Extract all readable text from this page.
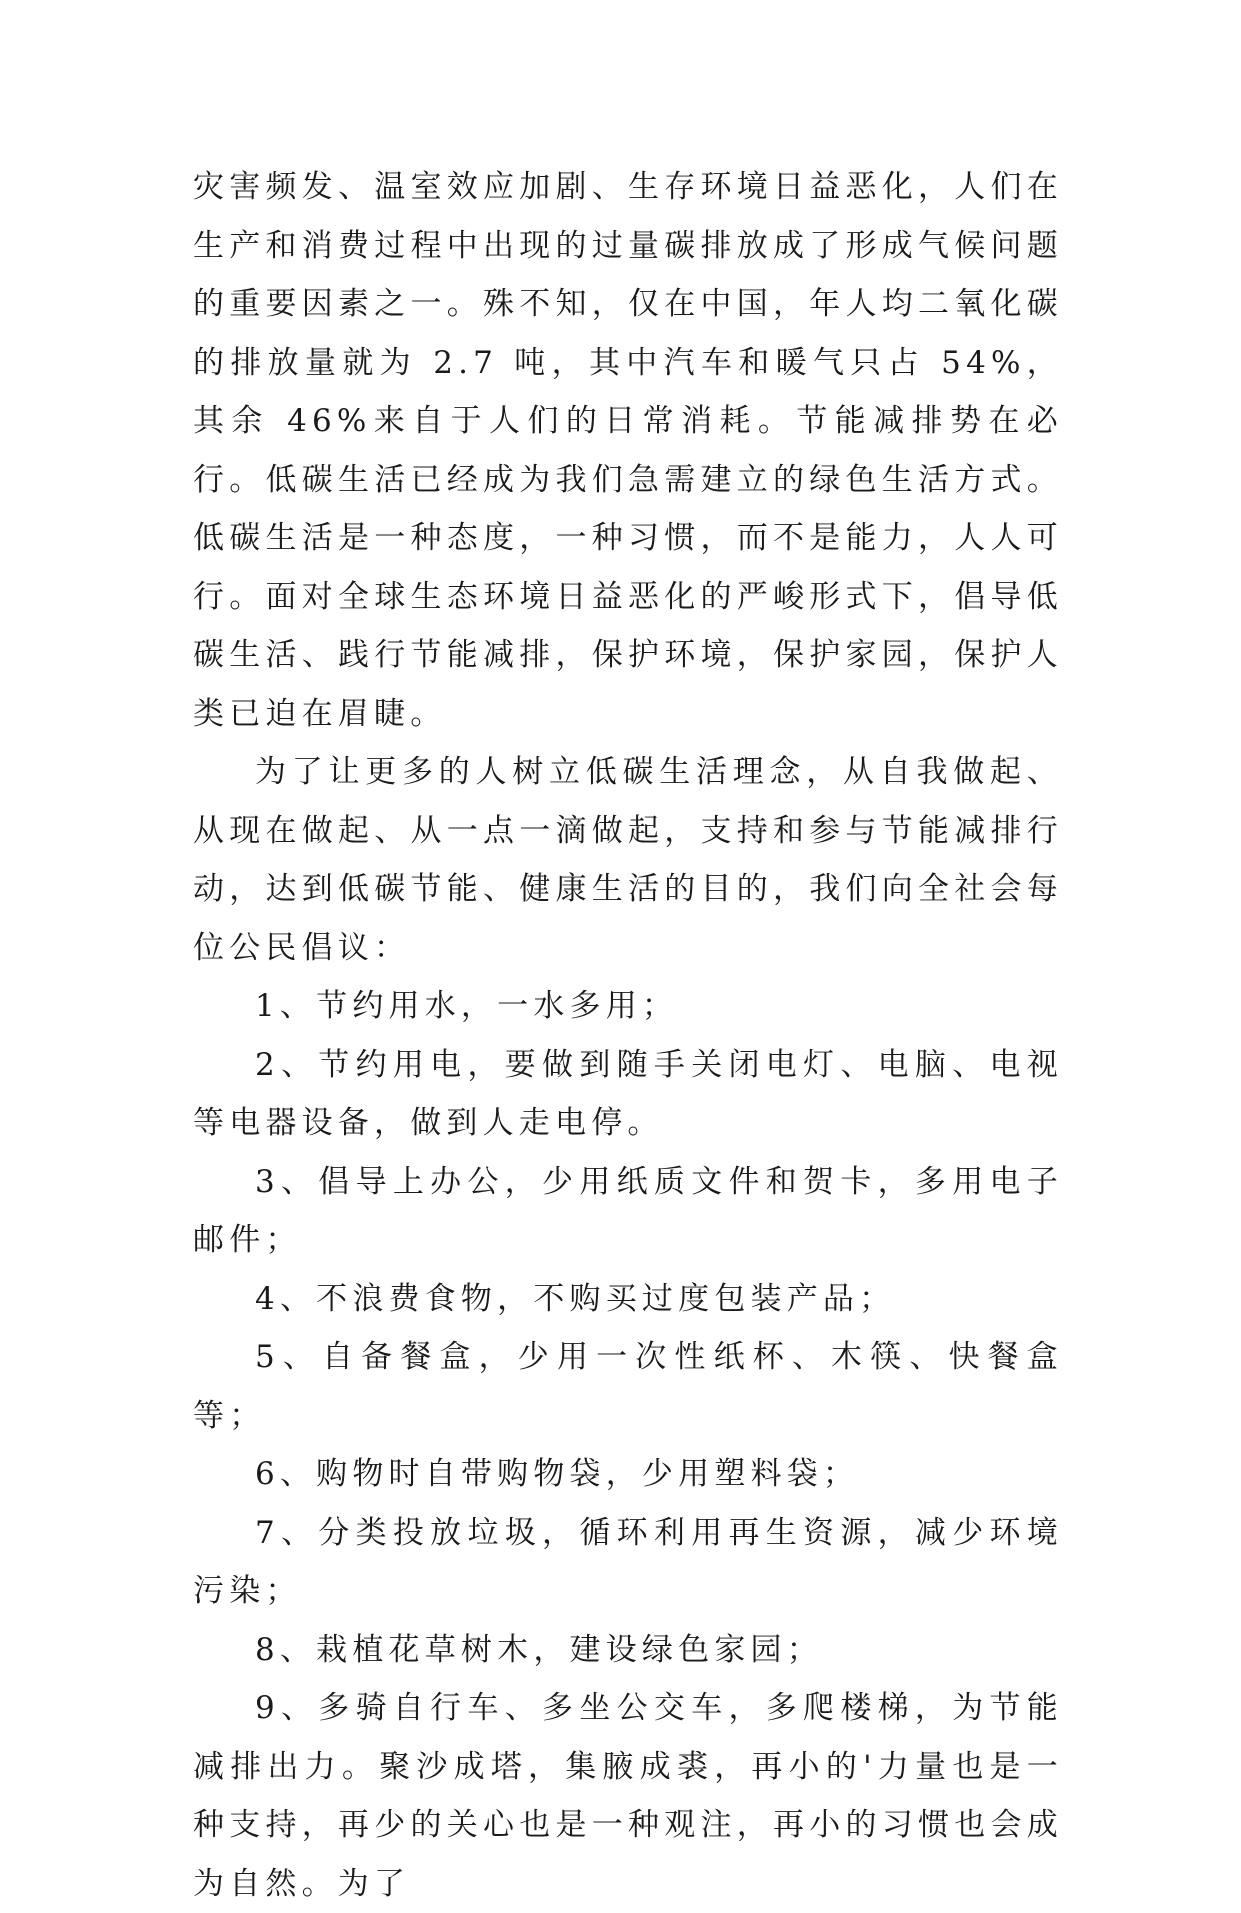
灾害频发、温室效应加剧、生存环境日益恶化，人们在生产和消费过程中出现的过量碳排放成了形成气候问题的重要因素之一。殊不知，仅在中国，年人均二氧化碳的排放量就为 2.7 吨，其中汽车和暖气只占 54%，其余 46%来自于人们的日常消耗。节能减排势在必行。低碳生活已经成为我们急需建立的绿色生活方式。低碳生活是一种态度，一种习惯，而不是能力，人人可行。面对全球生态环境日益恶化的严峻形式下，倡导低碳生活、践行节能减排，保护环境，保护家园，保护人类已迫在眉睫。

为了让更多的人树立低碳生活理念，从自我做起、从现在做起、从一点一滴做起，支持和参与节能减排行动，达到低碳节能、健康生活的目的，我们向全社会每位公民倡议：

1、节约用水，一水多用；

2、节约用电，要做到随手关闭电灯、电脑、电视等电器设备，做到人走电停。

3、倡导上办公，少用纸质文件和贺卡，多用电子邮件；

4、不浪费食物，不购买过度包装产品；

5、自备餐盒，少用一次性纸杯、木筷、快餐盒等；

6、购物时自带购物袋，少用塑料袋；

7、分类投放垃圾，循环利用再生资源，减少环境污染；

8、栽植花草树木，建设绿色家园；

9、多骑自行车、多坐公交车，多爬楼梯，为节能减排出力。聚沙成塔，集腋成裘，再小的'力量也是一种支持，再少的关心也是一种观注，再小的习惯也会成为自然。为了
